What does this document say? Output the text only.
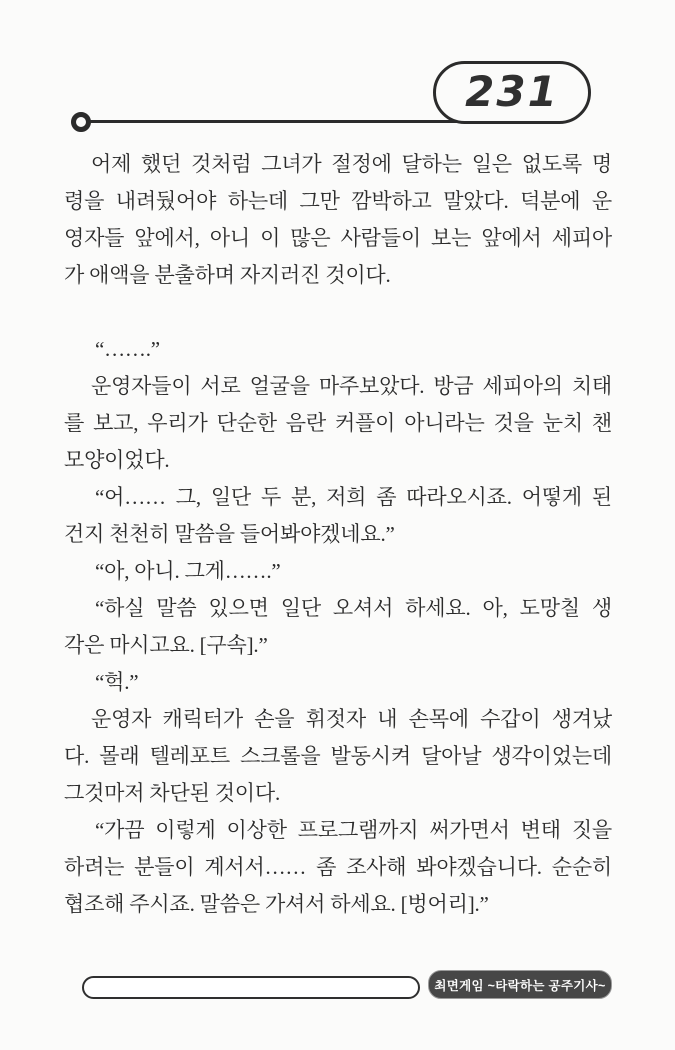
231
어제 했던 것처럼 그녀가 절정에 달하는 일은 없도록 명
령을 내려뒀어야 하는데 그만 깜박하고 말았다. 덕분에 운
영자들 앞에서, 아니 이 많은 사람들이 보는 앞에서 세피아
가 애액을 분출하며 자지러진 것이다.
“…….”
운영자들이 서로 얼굴을 마주보았다. 방금 세피아의 치태
를 보고, 우리가 단순한 음란 커플이 아니라는 것을 눈치 챈
모양이었다.
“어…… 그, 일단 두 분, 저희 좀 따라오시죠. 어떻게 된
건지 천천히 말씀을 들어봐야겠네요.”
“아, 아니. 그게…….”
“하실 말씀 있으면 일단 오셔서 하세요. 아, 도망칠 생
각은 마시고요. [구속].”
“헉.”
운영자 캐릭터가 손을 휘젓자 내 손목에 수갑이 생겨났
다. 몰래 텔레포트 스크롤을 발동시켜 달아날 생각이었는데
그것마저 차단된 것이다.
“가끔 이렇게 이상한 프로그램까지 써가면서 변태 짓을
하려는 분들이 계서서…… 좀 조사해 봐야겠습니다. 순순히
협조해 주시죠. 말씀은 가셔서 하세요. [벙어리].”
최면게임 ~타락하는 공주기사~
